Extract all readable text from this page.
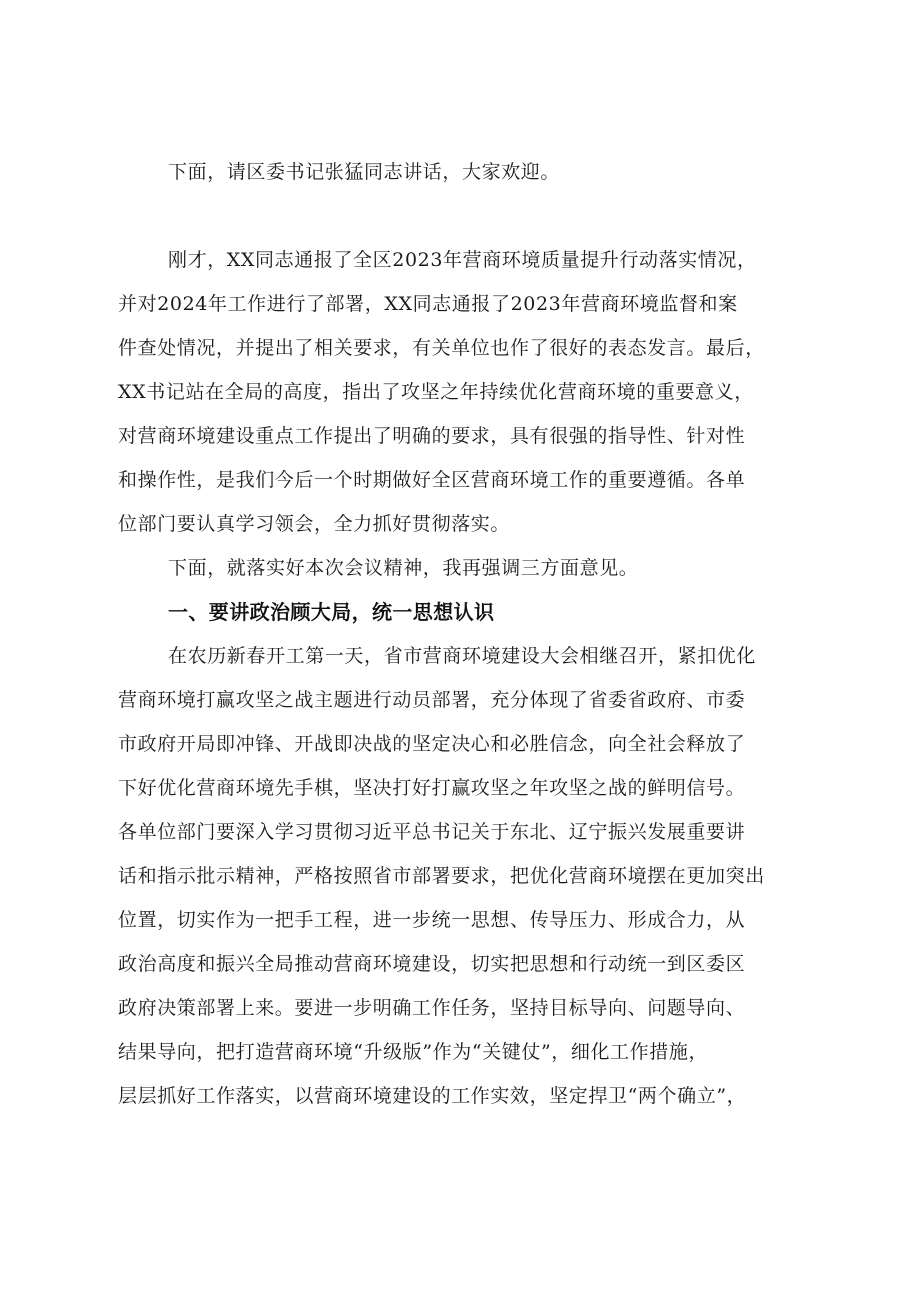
下面，请区委书记张猛同志讲话，大家欢迎。
刚才，XX同志通报了全区2023年营商环境质量提升行动落实情况，
并对2024年工作进行了部署，XX同志通报了2023年营商环境监督和案
件查处情况，并提出了相关要求，有关单位也作了很好的表态发言。最后，
XX书记站在全局的高度，指出了攻坚之年持续优化营商环境的重要意义，
对营商环境建设重点工作提出了明确的要求，具有很强的指导性、针对性
和操作性，是我们今后一个时期做好全区营商环境工作的重要遵循。各单
位部门要认真学习领会，全力抓好贯彻落实。
下面，就落实好本次会议精神，我再强调三方面意见。
一、要讲政治顾大局，统一思想认识
在农历新春开工第一天，省市营商环境建设大会相继召开，紧扣优化
营商环境打赢攻坚之战主题进行动员部署，充分体现了省委省政府、市委
市政府开局即冲锋、开战即决战的坚定决心和必胜信念，向全社会释放了
下好优化营商环境先手棋，坚决打好打赢攻坚之年攻坚之战的鲜明信号。
各单位部门要深入学习贯彻习近平总书记关于东北、辽宁振兴发展重要讲
话和指示批示精神，严格按照省市部署要求，把优化营商环境摆在更加突出
位置，切实作为一把手工程，进一步统一思想、传导压力、形成合力，从
政治高度和振兴全局推动营商环境建设，切实把思想和行动统一到区委区
政府决策部署上来。要进一步明确工作任务，坚持目标导向、问题导向、
结果导向，把打造营商环境“升级版”作为“关键仗”，细化工作措施，
层层抓好工作落实，以营商环境建设的工作实效，坚定捍卫“两个确立”，
